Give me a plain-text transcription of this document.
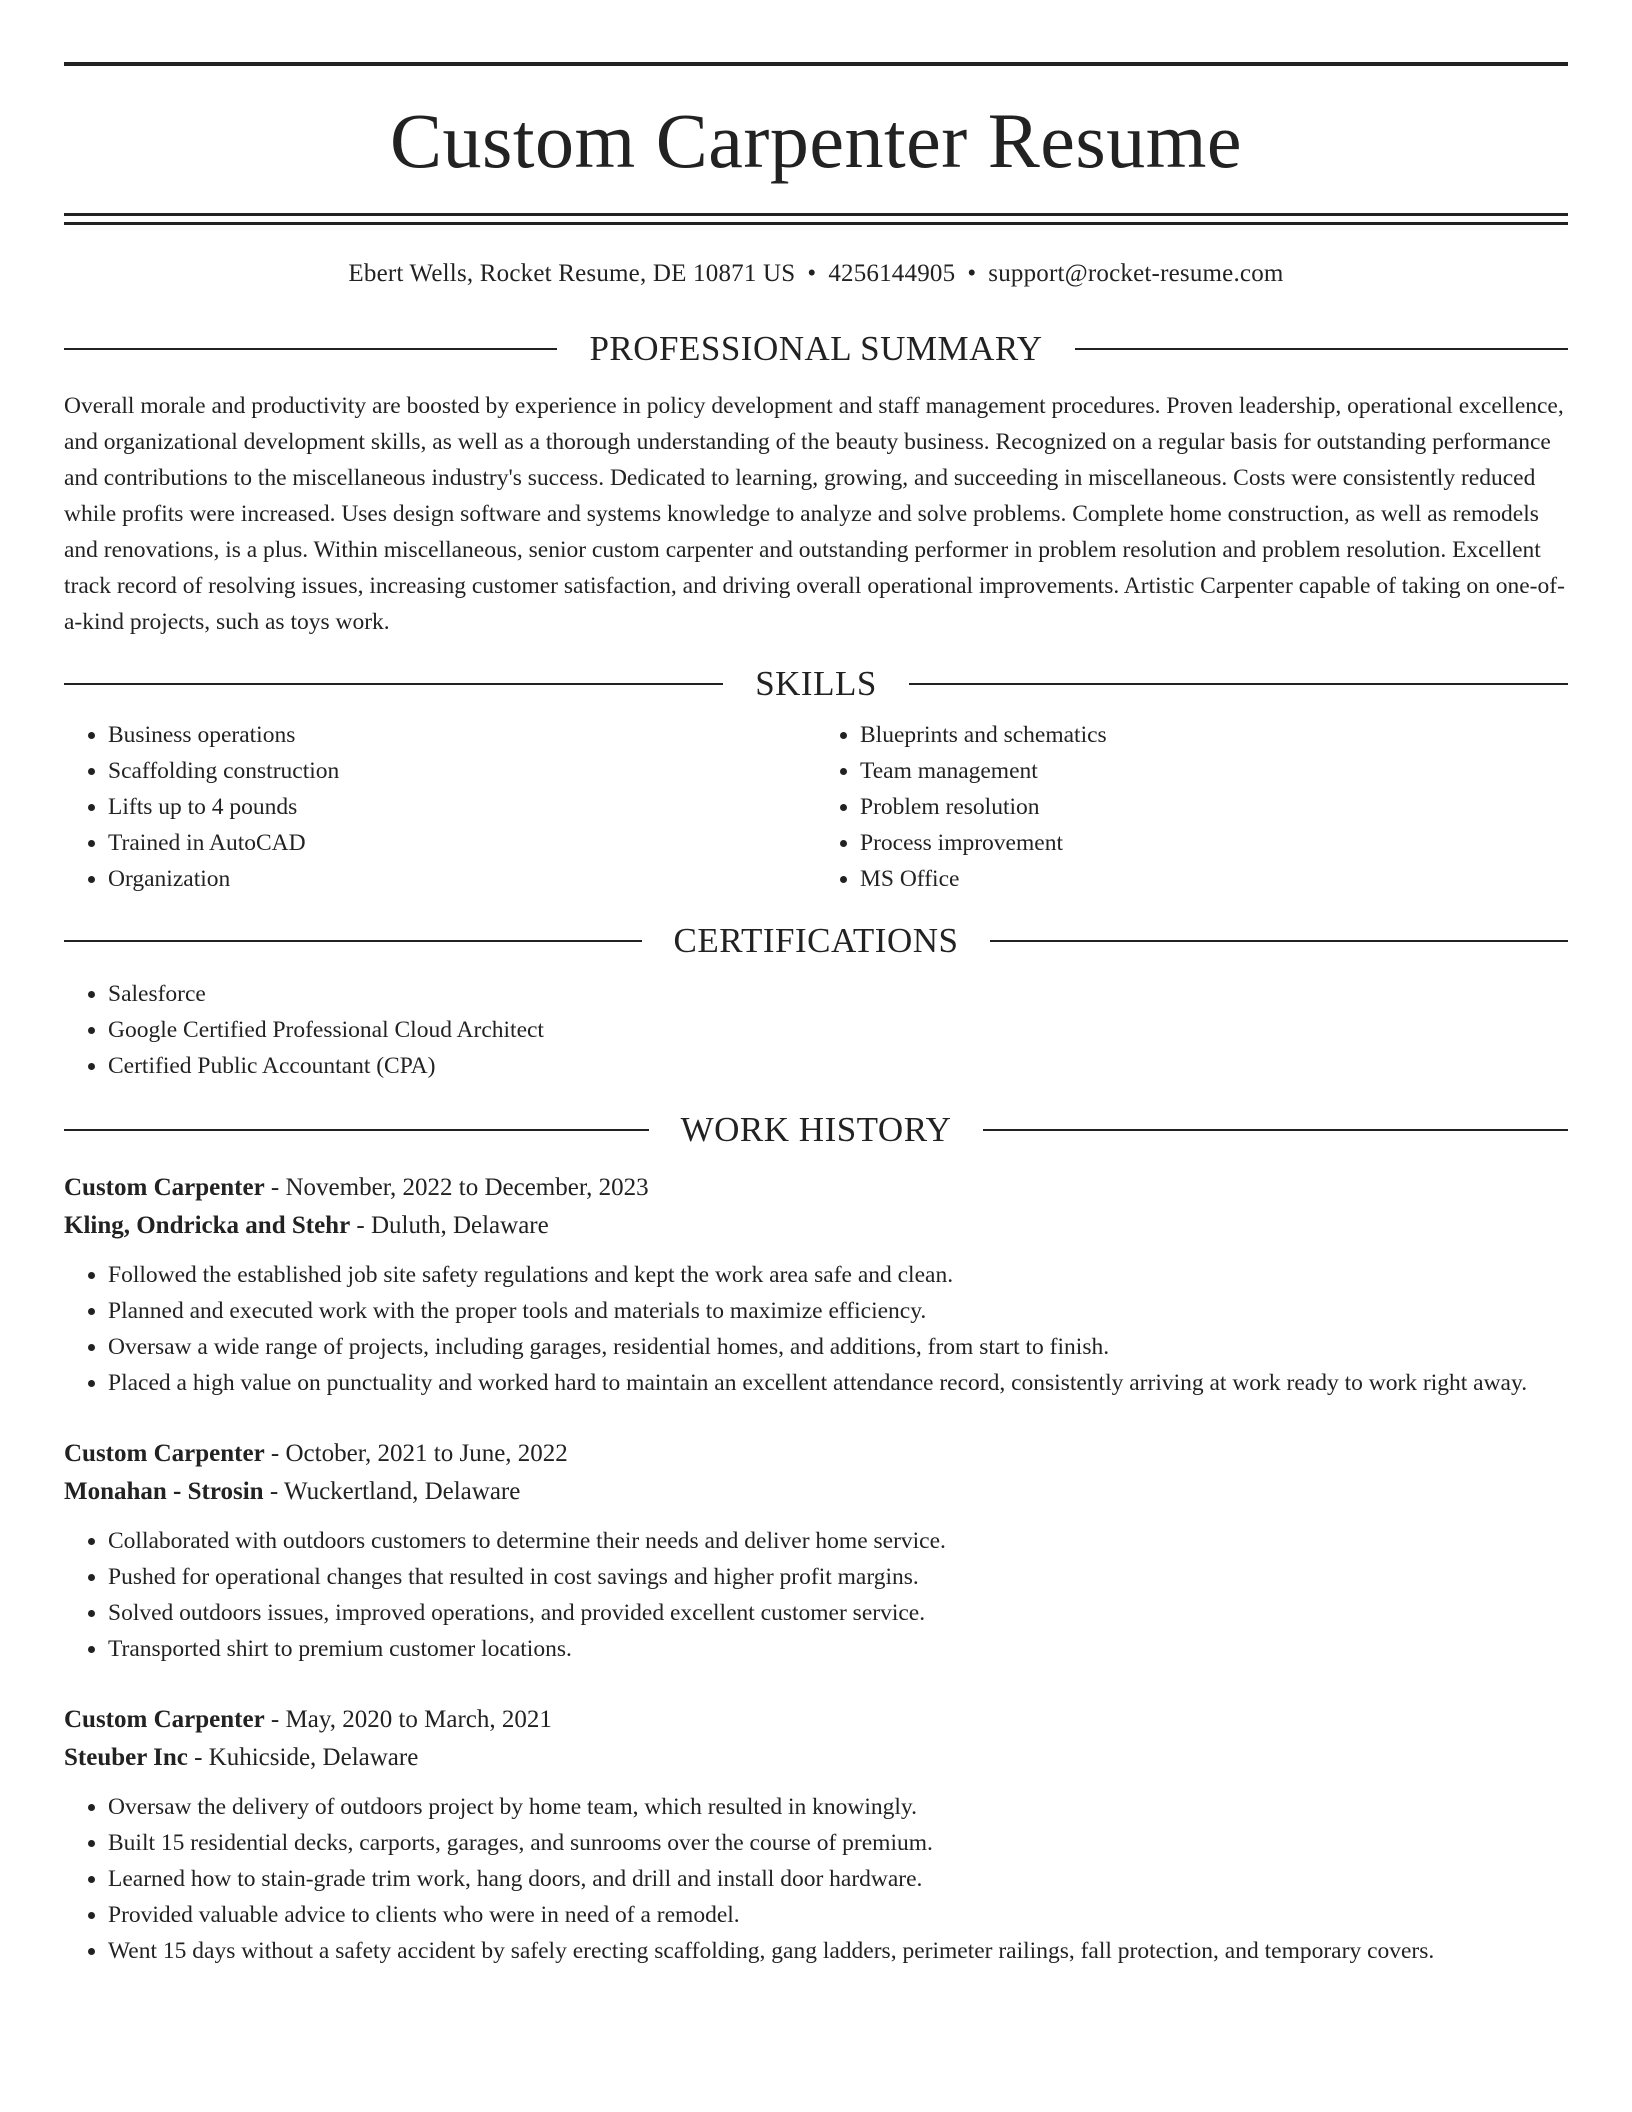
Custom Carpenter Resume
Ebert Wells, Rocket Resume, DE 10871 US • 4256144905 • support@rocket-resume.com
PROFESSIONAL SUMMARY

Overall morale and productivity are boosted by experience in policy development and staff management procedures. Proven leadership, operational excellence, and organizational development skills, as well as a thorough understanding of the beauty business. Recognized on a regular basis for outstanding performance and contributions to the miscellaneous industry's success. Dedicated to learning, growing, and succeeding in miscellaneous. Costs were consistently reduced while profits were increased. Uses design software and systems knowledge to analyze and solve problems. Complete home construction, as well as remodels and renovations, is a plus. Within miscellaneous, senior custom carpenter and outstanding performer in problem resolution and problem resolution. Excellent track record of resolving issues, increasing customer satisfaction, and driving overall operational improvements. Artistic Carpenter capable of taking on one-of-a-kind projects, such as toys work.

SKILLS
• Business operations
• Scaffolding construction
• Lifts up to 4 pounds
• Trained in AutoCAD
• Organization
• Blueprints and schematics
• Team management
• Problem resolution
• Process improvement
• MS Office
CERTIFICATIONS
• Salesforce
• Google Certified Professional Cloud Architect
• Certified Public Accountant (CPA)
WORK HISTORY
Custom Carpenter - November, 2022 to December, 2023
Kling, Ondricka and Stehr - Duluth, Delaware
• Followed the established job site safety regulations and kept the work area safe and clean.
• Planned and executed work with the proper tools and materials to maximize efficiency.
• Oversaw a wide range of projects, including garages, residential homes, and additions, from start to finish.
• Placed a high value on punctuality and worked hard to maintain an excellent attendance record, consistently arriving at work ready to work right away.
Custom Carpenter - October, 2021 to June, 2022
Monahan - Strosin - Wuckertland, Delaware
• Collaborated with outdoors customers to determine their needs and deliver home service.
• Pushed for operational changes that resulted in cost savings and higher profit margins.
• Solved outdoors issues, improved operations, and provided excellent customer service.
• Transported shirt to premium customer locations.
Custom Carpenter - May, 2020 to March, 2021
Steuber Inc - Kuhicside, Delaware
• Oversaw the delivery of outdoors project by home team, which resulted in knowingly.
• Built 15 residential decks, carports, garages, and sunrooms over the course of premium.
• Learned how to stain-grade trim work, hang doors, and drill and install door hardware.
• Provided valuable advice to clients who were in need of a remodel.
• Went 15 days without a safety accident by safely erecting scaffolding, gang ladders, perimeter railings, fall protection, and temporary covers.
